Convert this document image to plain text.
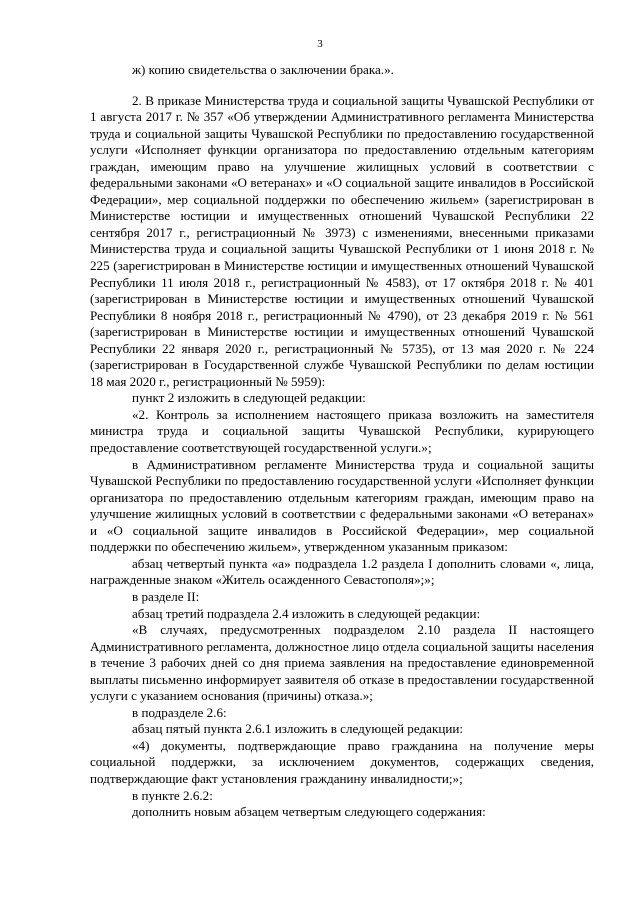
3

ж) копию свидетельства о заключении брака.».

2. В приказе Министерства труда и социальной защиты Чувашской Республики от 1 августа 2017 г. № 357 «Об утверждении Административного регламента Министерства труда и социальной защиты Чувашской Республики по предоставлению государственной услуги «Исполняет функции организатора по предоставлению отдельным категориям граждан, имеющим право на улучшение жилищных условий в соответствии с федеральными законами «О ветеранах» и «О социальной защите инвалидов в Российской Федерации», мер социальной поддержки по обеспечению жильем» (зарегистрирован в Министерстве юстиции и имущественных отношений Чувашской Республики 22 сентября 2017 г., регистрационный № 3973) с изменениями, внесенными приказами Министерства труда и социальной защиты Чувашской Республики от 1 июня 2018 г. № 225 (зарегистрирован в Министерстве юстиции и имущественных отношений Чувашской Республики 11 июля 2018 г., регистрационный № 4583), от 17 октября 2018 г. № 401 (зарегистрирован в Министерстве юстиции и имущественных отношений Чувашской Республики 8 ноября 2018 г., регистрационный № 4790), от 23 декабря 2019 г. № 561 (зарегистрирован в Министерстве юстиции и имущественных отношений Чувашской Республики 22 января 2020 г., регистрационный № 5735), от 13 мая 2020 г. № 224 (зарегистрирован в Государственной службе Чувашской Республики по делам юстиции 18 мая 2020 г., регистрационный № 5959):

пункт 2 изложить в следующей редакции:

«2. Контроль за исполнением настоящего приказа возложить на заместителя министра труда и социальной защиты Чувашской Республики, курирующего предоставление соответствующей государственной услуги.»;

в Административном регламенте Министерства труда и социальной защиты Чувашской Республики по предоставлению государственной услуги «Исполняет функции организатора по предоставлению отдельным категориям граждан, имеющим право на улучшение жилищных условий в соответствии с федеральными законами «О ветеранах» и «О социальной защите инвалидов в Российской Федерации», мер социальной поддержки по обеспечению жильем», утвержденном указанным приказом:

абзац четвертый пункта «а» подраздела 1.2 раздела I дополнить словами «, лица, награжденные знаком «Житель осажденного Севастополя»;»;

в разделе II:

абзац третий подраздела 2.4 изложить в следующей редакции:

«В случаях, предусмотренных подразделом 2.10 раздела II настоящего Административного регламента, должностное лицо отдела социальной защиты населения в течение 3 рабочих дней со дня приема заявления на предоставление единовременной выплаты письменно информирует заявителя об отказе в предоставлении государственной услуги с указанием основания (причины) отказа.»;

в подразделе 2.6:

абзац пятый пункта 2.6.1 изложить в следующей редакции:

«4) документы, подтверждающие право гражданина на получение меры социальной поддержки, за исключением документов, содержащих сведения, подтверждающие факт установления гражданину инвалидности;»;

в пункте 2.6.2:

дополнить новым абзацем четвертым следующего содержания:
